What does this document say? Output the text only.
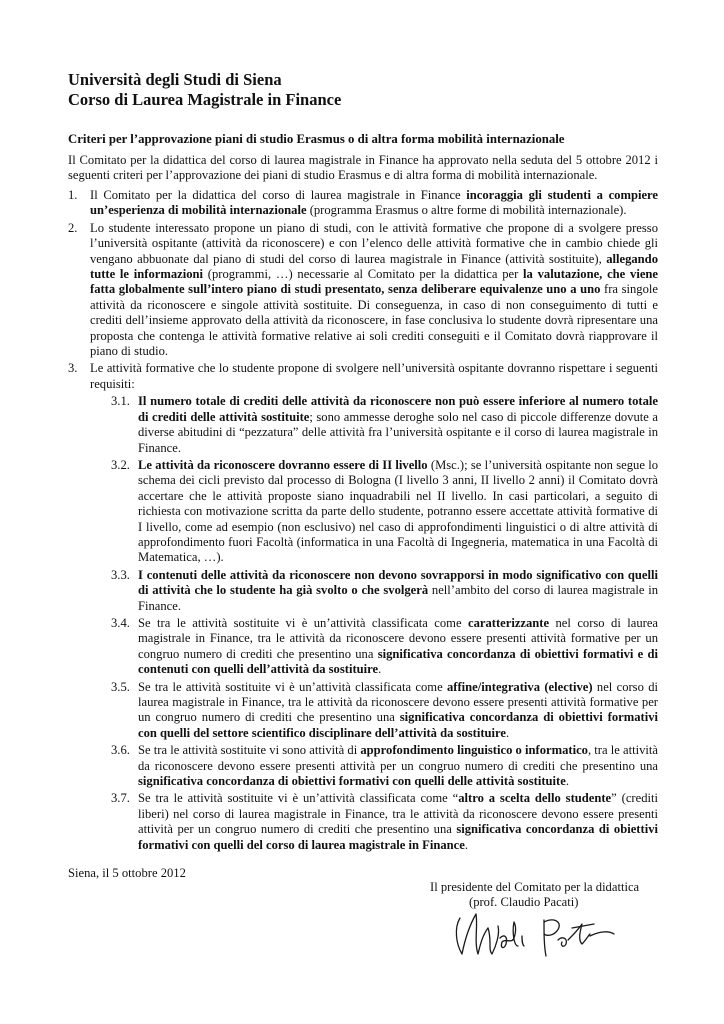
Università degli Studi di Siena
Corso di Laurea Magistrale in Finance
Criteri per l’approvazione piani di studio Erasmus o di altra forma mobilità internazionale
Il Comitato per la didattica del corso di laurea magistrale in Finance ha approvato nella seduta del 5 ottobre 2012 i seguenti criteri per l’approvazione dei piani di studio Erasmus e di altra forma di mobilità internazionale.
1. Il Comitato per la didattica del corso di laurea magistrale in Finance incoraggia gli studenti a compiere un’esperienza di mobilità internazionale (programma Erasmus o altre forme di mobilità internazionale).
2. Lo studente interessato propone un piano di studi, con le attività formative che propone di a svolgere presso l’università ospitante (attività da riconoscere) e con l’elenco delle attività formative che in cambio chiede gli vengano abbuonate dal piano di studi del corso di laurea magistrale in Finance (attività sostituite), allegando tutte le informazioni (programmi, …) necessarie al Comitato per la didattica per la valutazione, che viene fatta globalmente sull’intero piano di studi presentato, senza deliberare equivalenze uno a uno fra singole attività da riconoscere e singole attività sostituite. Di conseguenza, in caso di non conseguimento di tutti e crediti dell’insieme approvato della attività da riconoscere, in fase conclusiva lo studente dovrà ripresentare una proposta che contenga le attività formative relative ai soli crediti conseguiti e il Comitato dovrà riapprovare il piano di studio.
3. Le attività formative che lo studente propone di svolgere nell’università ospitante dovranno rispettare i seguenti requisiti:
3.1. Il numero totale di crediti delle attività da riconoscere non può essere inferiore al numero totale di crediti delle attività sostituite; sono ammesse deroghe solo nel caso di piccole differenze dovute a diverse abitudini di “pezzatura” delle attività fra l’università ospitante e il corso di laurea magistrale in Finance.
3.2. Le attività da riconoscere dovranno essere di II livello (Msc.); se l’università ospitante non segue lo schema dei cicli previsto dal processo di Bologna (I livello 3 anni, II livello 2 anni) il Comitato dovrà accertare che le attività proposte siano inquadrabili nel II livello. In casi particolari, a seguito di richiesta con motivazione scritta da parte dello studente, potranno essere accettate attività formative di I livello, come ad esempio (non esclusivo) nel caso di approfondimenti linguistici o di altre attività di approfondimento fuori Facoltà (informatica in una Facoltà di Ingegneria, matematica in una Facoltà di Matematica, …).
3.3. I contenuti delle attività da riconoscere non devono sovrapporsi in modo significativo con quelli di attività che lo studente ha già svolto o che svolgerà nell’ambito del corso di laurea magistrale in Finance.
3.4. Se tra le attività sostituite vi è un’attività classificata come caratterizzante nel corso di laurea magistrale in Finance, tra le attività da riconoscere devono essere presenti attività formative per un congruo numero di crediti che presentino una significativa concordanza di obiettivi formativi e di contenuti con quelli dell’attività da sostituire.
3.5. Se tra le attività sostituite vi è un’attività classificata come affine/integrativa (elective) nel corso di laurea magistrale in Finance, tra le attività da riconoscere devono essere presenti attività formative per un congruo numero di crediti che presentino una significativa concordanza di obiettivi formativi con quelli del settore scientifico disciplinare dell’attività da sostituire.
3.6. Se tra le attività sostituite vi sono attività di approfondimento linguistico o informatico, tra le attività da riconoscere devono essere presenti attività per un congruo numero di crediti che presentino una significativa concordanza di obiettivi formativi con quelli delle attività sostituite.
3.7. Se tra le attività sostituite vi è un’attività classificata come “altro a scelta dello studente” (crediti liberi) nel corso di laurea magistrale in Finance, tra le attività da riconoscere devono essere presenti attività per un congruo numero di crediti che presentino una significativa concordanza di obiettivi formativi con quelli del corso di laurea magistrale in Finance.
Siena, il 5 ottobre 2012
Il presidente del Comitato per la didattica
(prof. Claudio Pacati)
